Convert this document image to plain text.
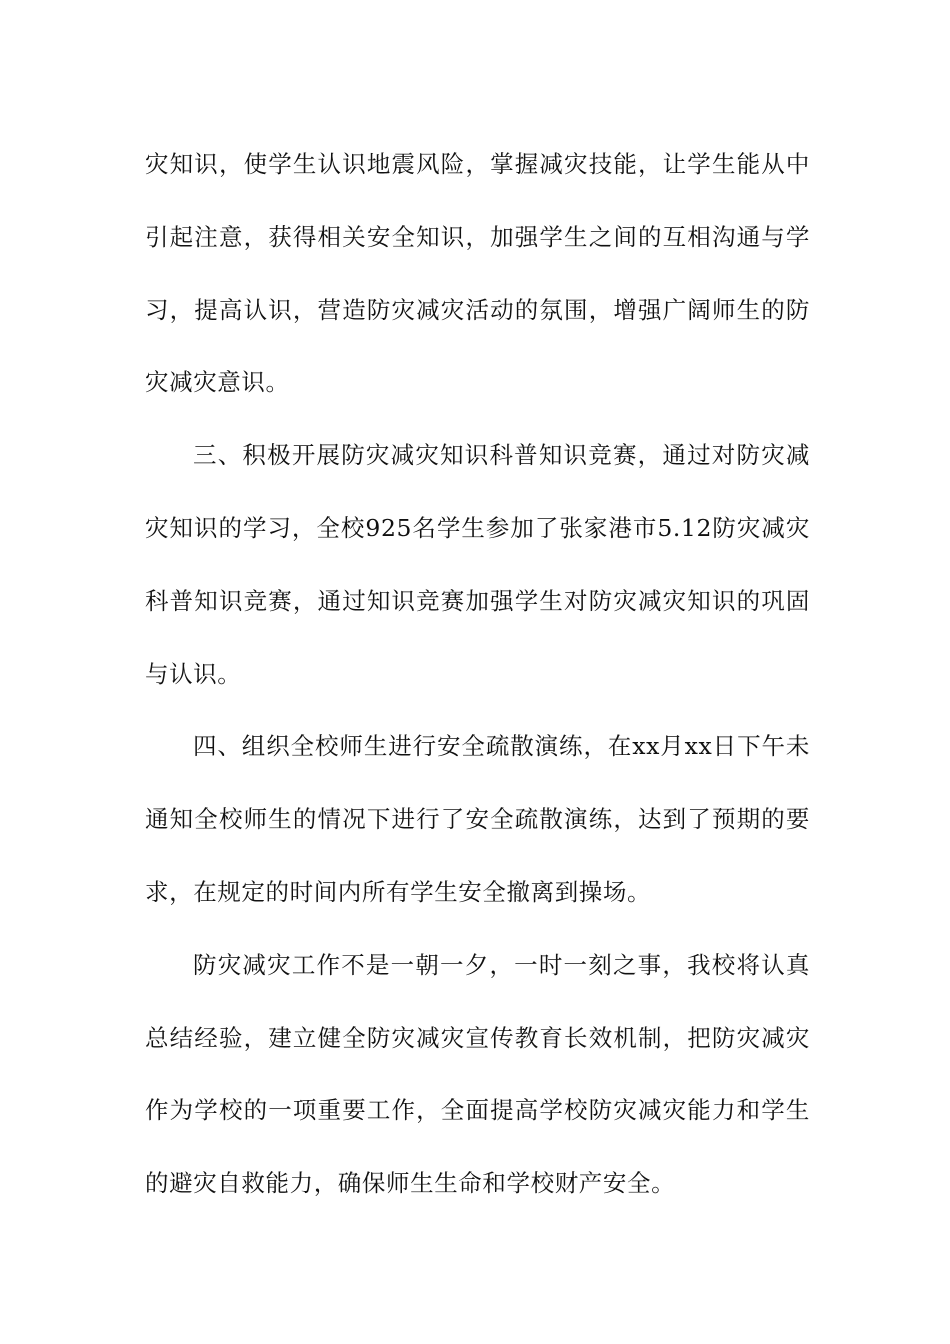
灾知识，使学生认识地震风险，掌握减灾技能，让学生能从中引起注意，获得相关安全知识，加强学生之间的互相沟通与学习，提高认识，营造防灾减灾活动的氛围，增强广阔师生的防灾减灾意识。

三、积极开展防灾减灾知识科普知识竞赛，通过对防灾减灾知识的学习，全校925名学生参加了张家港市5.12防灾减灾科普知识竞赛，通过知识竞赛加强学生对防灾减灾知识的巩固与认识。

四、组织全校师生进行安全疏散演练，在xx月xx日下午未通知全校师生的情况下进行了安全疏散演练，达到了预期的要求，在规定的时间内所有学生安全撤离到操场。

防灾减灾工作不是一朝一夕，一时一刻之事，我校将认真总结经验，建立健全防灾减灾宣传教育长效机制，把防灾减灾作为学校的一项重要工作，全面提高学校防灾减灾能力和学生的避灾自救能力，确保师生生命和学校财产安全。
